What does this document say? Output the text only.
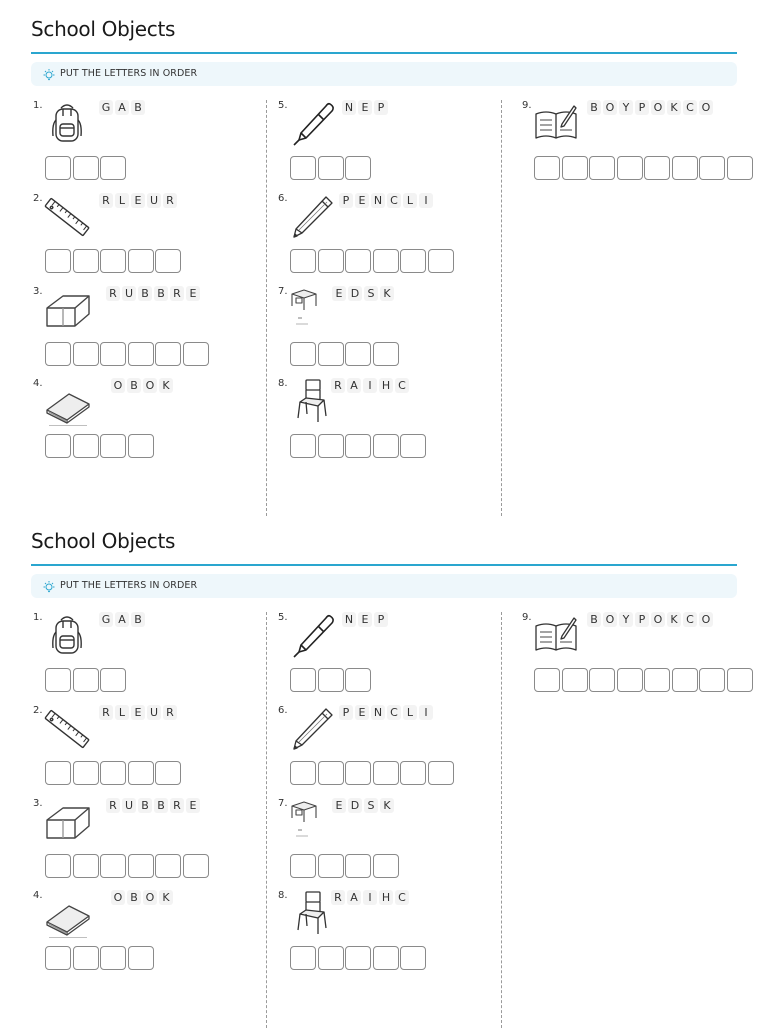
School Objects
PUT THE LETTERS IN ORDER
1.	G A B
2.	R L E U R
3.	R U B B R E
4.	O B O K
5.	N E P
6.	P E N C L	I
7.	E D S K
8.	R A I H C
9.	B O Y P O K C O
School Objects
PUT THE LETTERS IN ORDER
1.	G A B
2.	R L E U R
3.	R U B B R E
4.	O B O K
5.	N E P
6.	P E N C L	I
7.	E D S K
8.	R A I H C
9.	B O Y P O K C O
